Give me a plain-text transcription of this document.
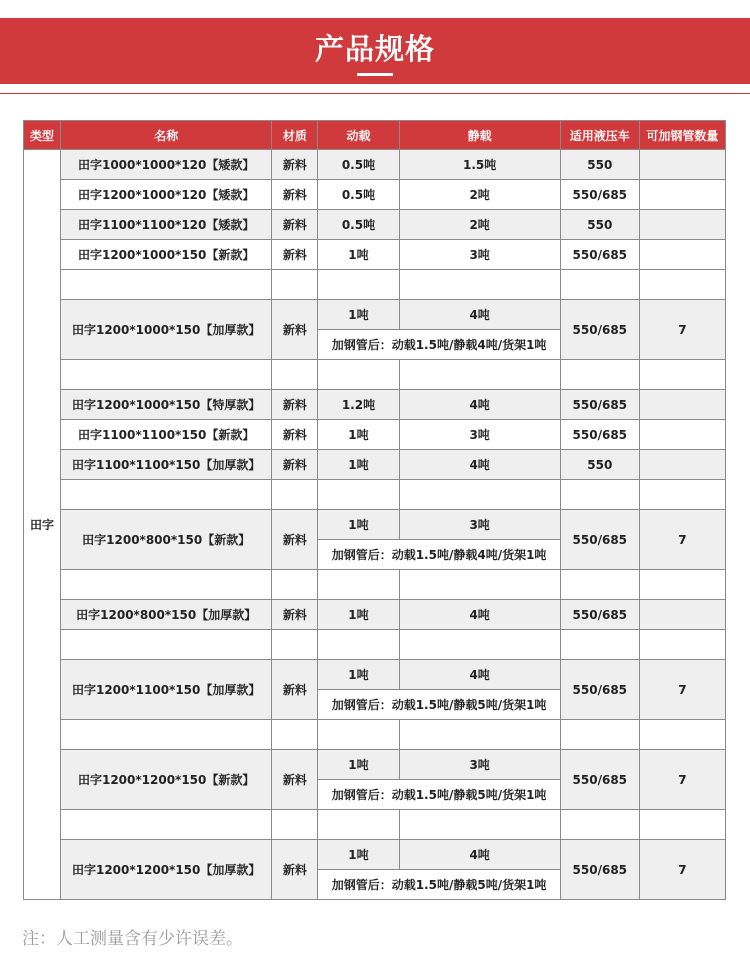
产品规格
类型	名称	材质	动载	静载	适用液压车	可加钢管数量
田字	田字1000*1000*120【矮款】	新料	0.5吨	1.5吨	550	
	田字1200*1000*120【矮款】	新料	0.5吨	2吨	550/685	
	田字1100*1100*120【矮款】	新料	0.5吨	2吨	550	
	田字1200*1000*150【新款】	新料	1吨	3吨	550/685	

	田字1200*1000*150【加厚款】	新料	1吨	4吨	550/685	7
			加钢管后：动载1.5吨/静载4吨/货架1吨			

	田字1200*1000*150【特厚款】	新料	1.2吨	4吨	550/685	
	田字1100*1100*150【新款】	新料	1吨	3吨	550/685	
	田字1100*1100*150【加厚款】	新料	1吨	4吨	550	

	田字1200*800*150【新款】	新料	1吨	3吨	550/685	7
			加钢管后：动载1.5吨/静载4吨/货架1吨			

	田字1200*800*150【加厚款】	新料	1吨	4吨	550/685	

	田字1200*1100*150【加厚款】	新料	1吨	4吨	550/685	7
			加钢管后：动载1.5吨/静载5吨/货架1吨			

	田字1200*1200*150【新款】	新料	1吨	3吨	550/685	7
			加钢管后：动载1.5吨/静载5吨/货架1吨			

	田字1200*1200*150【加厚款】	新料	1吨	4吨	550/685	7
			加钢管后：动载1.5吨/静载5吨/货架1吨			
注：人工测量含有少许误差。
